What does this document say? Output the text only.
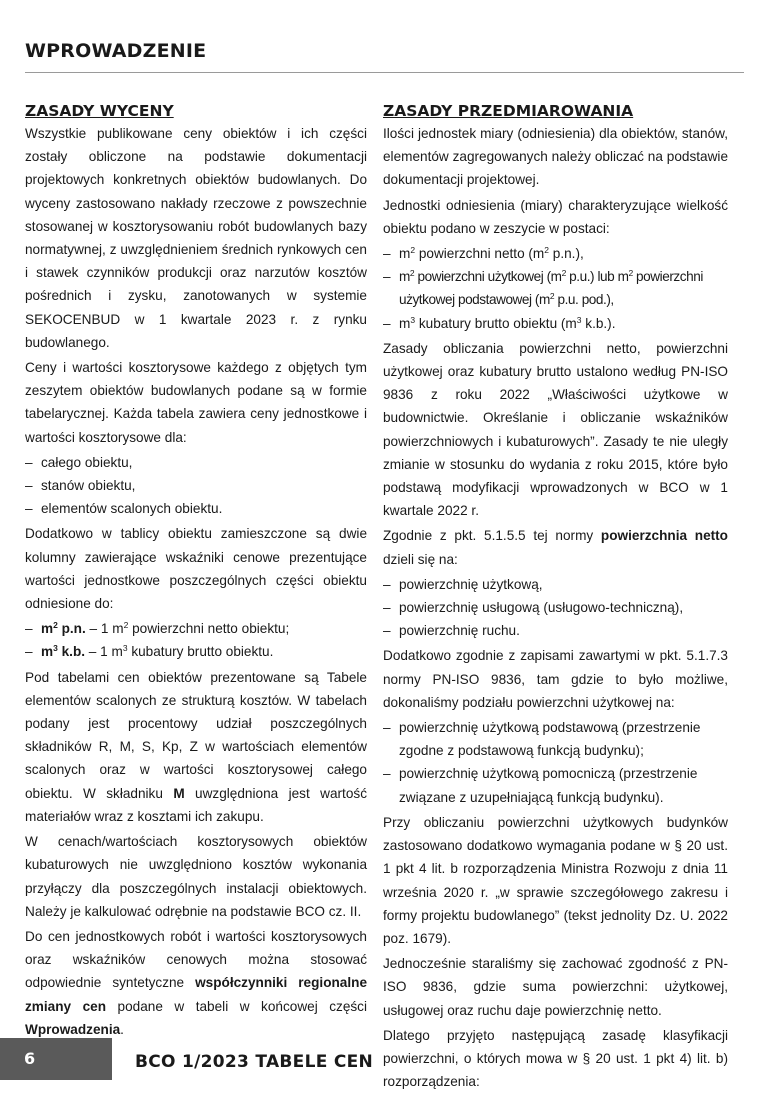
WPROWADZENIE
ZASADY WYCENY

Wszystkie publikowane ceny obiektów i ich części zostały obliczone na podstawie dokumentacji projektowych konkretnych obiektów budowlanych. Do wyceny zastosowano nakłady rzeczowe z powszechnie stosowanej w kosztorysowaniu robót budowlanych bazy normatywnej, z uwzględnieniem średnich rynkowych cen i stawek czynników produkcji oraz narzutów kosztów pośrednich i zysku, zanotowanych w systemie SEKOCENBUD w 1 kwartale 2023 r. z rynku budowlanego.

Ceny i wartości kosztorysowe każdego z objętych tym zeszytem obiektów budowlanych podane są w formie tabelarycznej. Każda tabela zawiera ceny jednostkowe i wartości kosztorysowe dla:

– całego obiektu,
– stanów obiektu,
– elementów scalonych obiektu.

Dodatkowo w tablicy obiektu zamieszczone są dwie kolumny zawierające wskaźniki cenowe prezentujące wartości jednostkowe poszczególnych części obiektu odniesione do:

– $m^2$ p.n. – 1 $m^2$ powierzchni netto obiektu;
– $m^3$ k.b. – 1 $m^3$ kubatury brutto obiektu.

Pod tabelami cen obiektów prezentowane są Tabele elementów scalonych ze strukturą kosztów. W tabelach podany jest procentowy udział poszczególnych składników R, M, S, Kp, Z w wartościach elementów scalonych oraz w wartości kosztorysowej całego obiektu. W składniku M uwzględniona jest wartość materiałów wraz z kosztami ich zakupu.

W cenach/wartościach kosztorysowych obiektów kubaturowych nie uwzględniono kosztów wykonania przyłączy dla poszczególnych instalacji obiektowych. Należy je kalkulować odrębnie na podstawie BCO cz. II.

Do cen jednostkowych robót i wartości kosztorysowych oraz wskaźników cenowych można stosować odpowiednie syntetyczne współczynniki regionalne zmiany cen podane w tabeli w końcowej części Wprowadzenia.

ZASADY PRZEDMIAROWANIA

Ilości jednostek miary (odniesienia) dla obiektów, stanów, elementów zagregowanych należy obliczać na podstawie dokumentacji projektowej.

Jednostki odniesienia (miary) charakteryzujące wielkość obiektu podano w zeszycie w postaci:

– $m^2$ powierzchni netto ($m^2$ p.n.),
– $m^2$ powierzchni użytkowej ($m^2$ p.u.) lub $m^2$ powierzchni użytkowej podstawowej ($m^2$ p.u. pod.),
– $m^3$ kubatury brutto obiektu ($m^3$ k.b.).

Zasady obliczania powierzchni netto, powierzchni użytkowej oraz kubatury brutto ustalono według PN-ISO 9836 z roku 2022 „Właściwości użytkowe w budownictwie. Określanie i obliczanie wskaźników powierzchniowych i kubaturowych”. Zasady te nie uległy zmianie w stosunku do wydania z roku 2015, które było podstawą modyfikacji wprowadzonych w BCO w 1 kwartale 2022 r.

Zgodnie z pkt. 5.1.5.5 tej normy powierzchnia netto dzieli się na:

– powierzchnię użytkową,
– powierzchnię usługową (usługowo-techniczną),
– powierzchnię ruchu.

Dodatkowo zgodnie z zapisami zawartymi w pkt. 5.1.7.3 normy PN-ISO 9836, tam gdzie to było możliwe, dokonaliśmy podziału powierzchni użytkowej na:

– powierzchnię użytkową podstawową (przestrzenie zgodne z podstawową funkcją budynku);
– powierzchnię użytkową pomocniczą (przestrzenie związane z uzupełniającą funkcją budynku).

Przy obliczaniu powierzchni użytkowych budynków zastosowano dodatkowo wymagania podane w § 20 ust. 1 pkt 4 lit. b rozporządzenia Ministra Rozwoju z dnia 11 września 2020 r. „w sprawie szczegółowego zakresu i formy projektu budowlanego” (tekst jednolity Dz. U. 2022 poz. 1679).

Jednocześnie staraliśmy się zachować zgodność z PN-ISO 9836, gdzie suma powierzchni: użytkowej, usługowej oraz ruchu daje powierzchnię netto.

Dlatego przyjęto następującą zasadę klasyfikacji powierzchni, o których mowa w § 20 ust. 1 pkt 4) lit. b) rozporządzenia:

6	BCO 1/2023 TABELE CEN
